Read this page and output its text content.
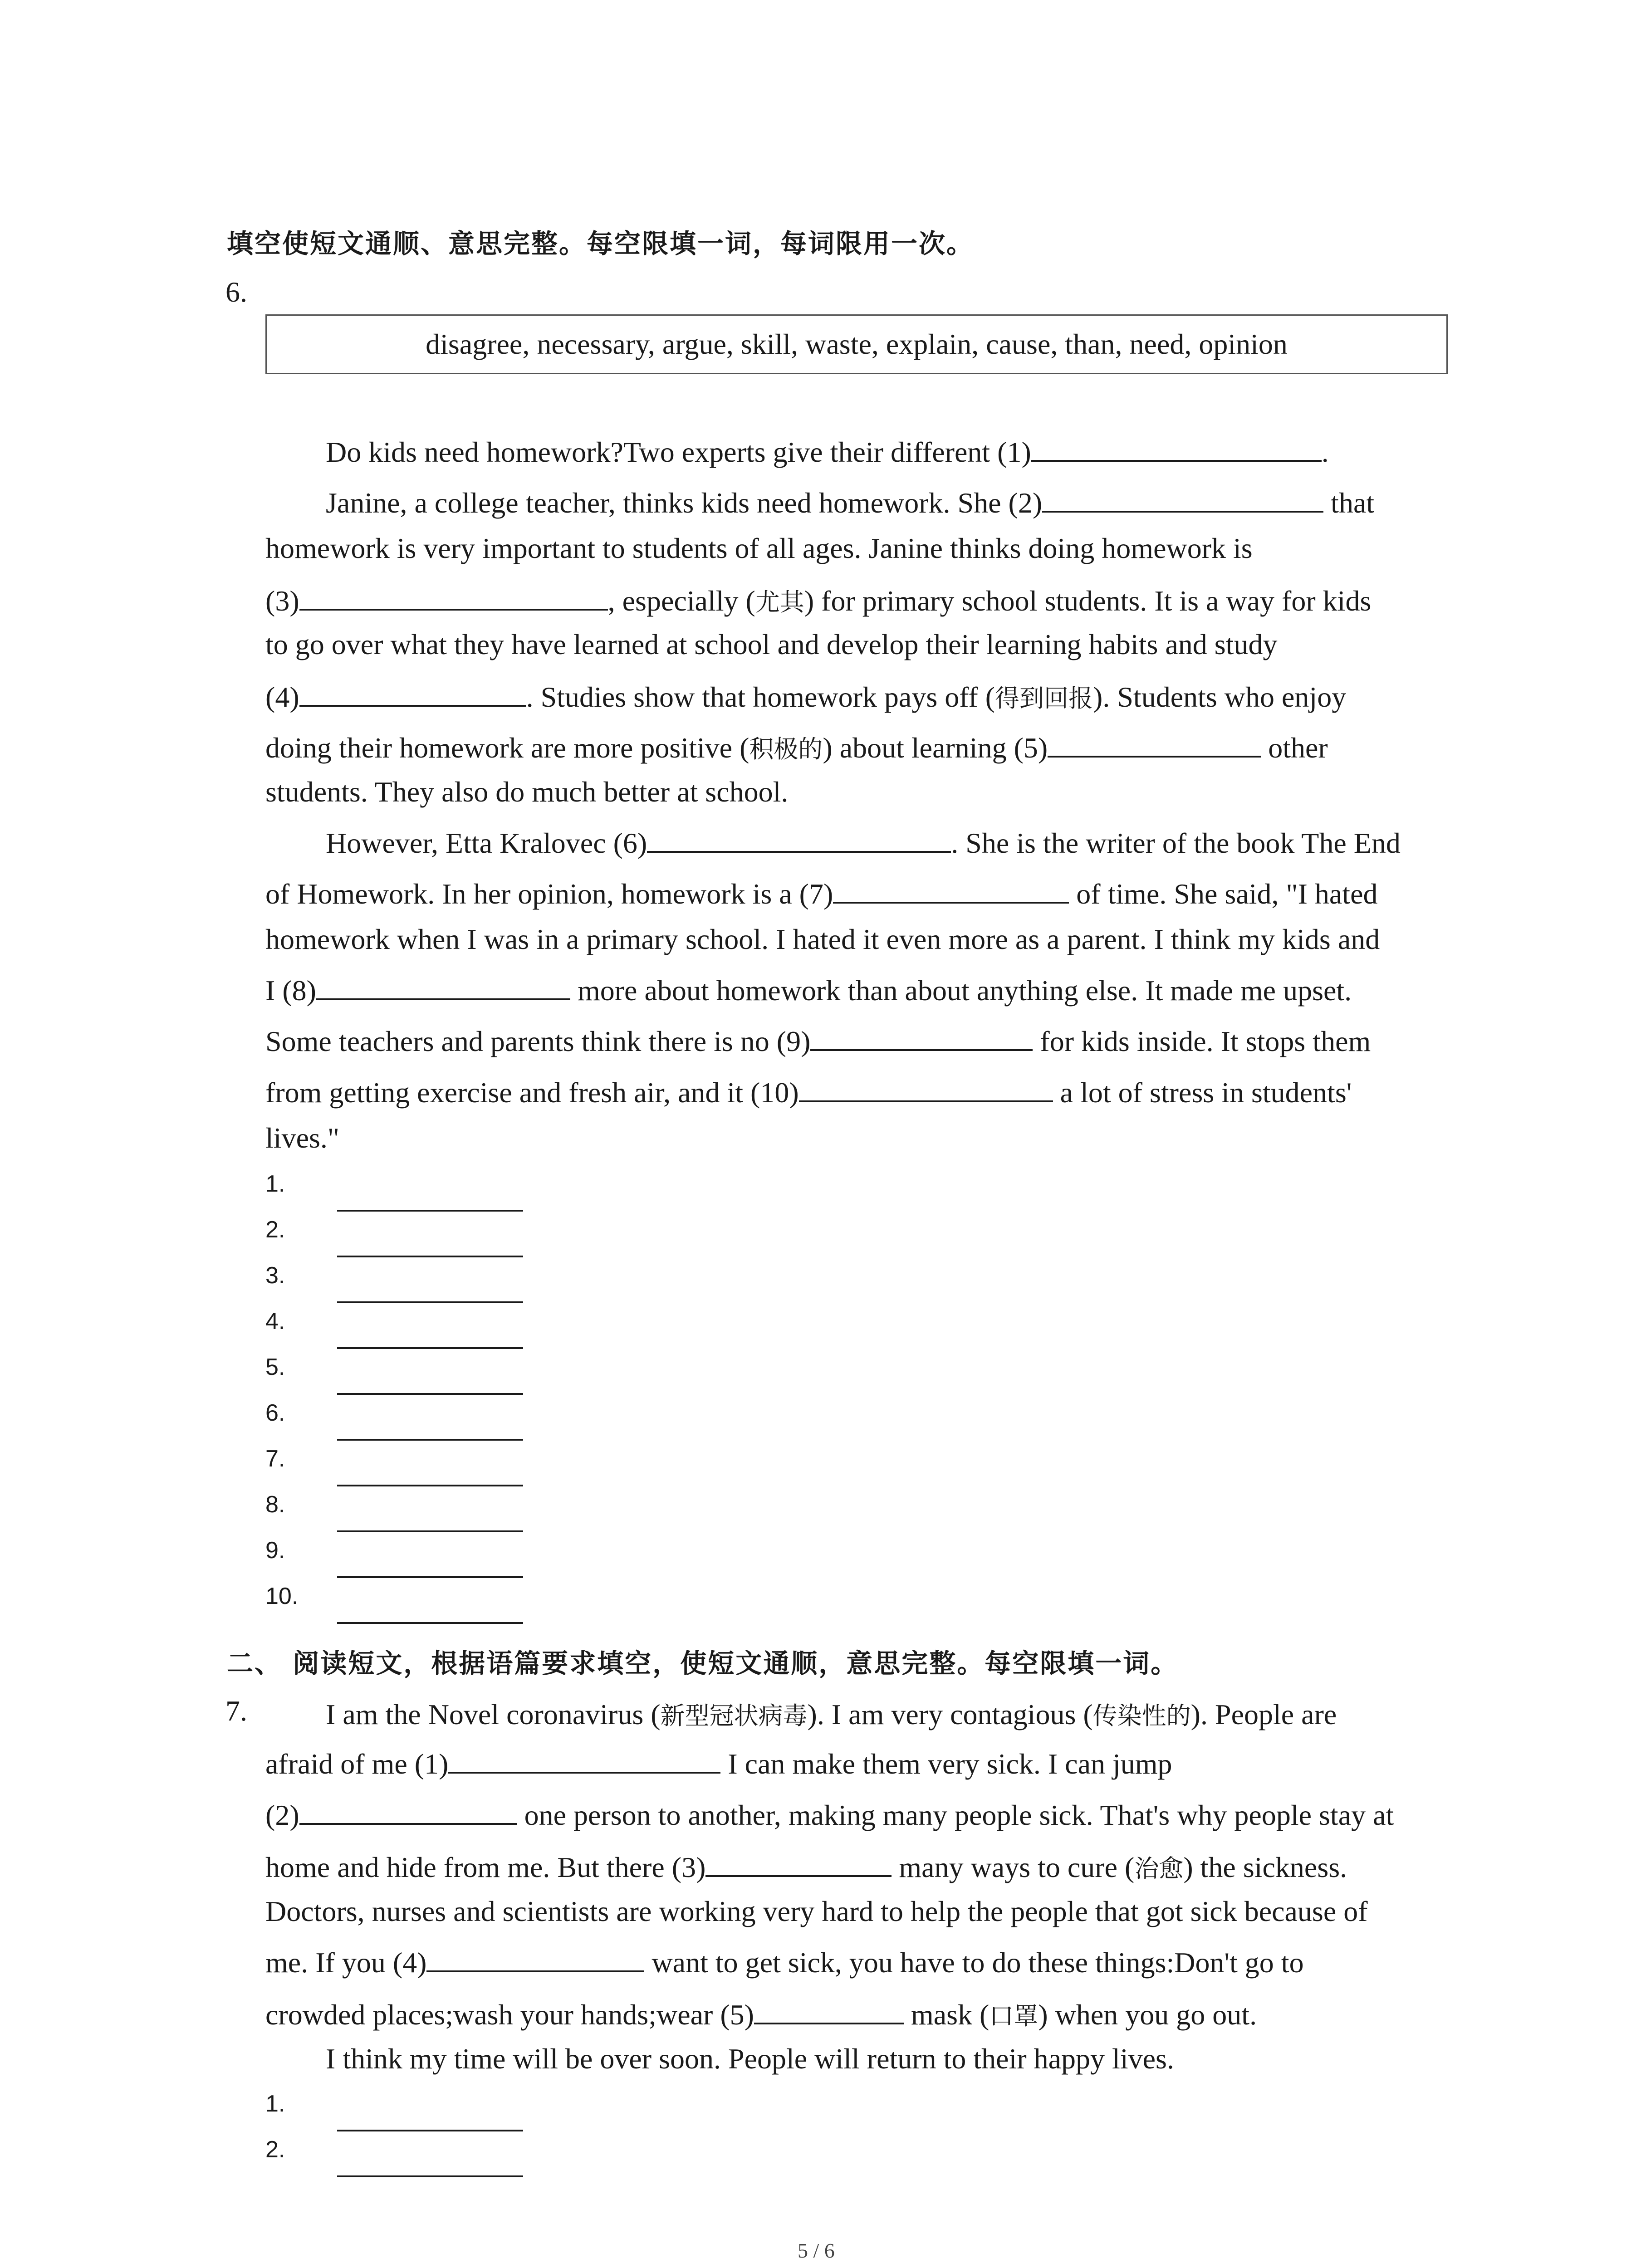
填空使短文通顺、意思完整。每空限填一词，每词限用一次。
6.
disagree, necessary, argue, skill, waste, explain, cause, than, need, opinion
Do kids need homework?Two experts give their different (1)	.
Janine, a college teacher, thinks kids need homework. She (2)	that
homework is very important to students of all ages. Janine thinks doing homework is
(3)	, especially (尤其) for primary school students. It is a way for kids
to go over what they have learned at school and develop their learning habits and study
(4)	. Studies show that homework pays off (得到回报). Students who enjoy
doing their homework are more positive (积极的) about learning (5)	other
students. They also do much better at school.
However, Etta Kralovec (6)	. She is the writer of the book The End
of Homework. In her opinion, homework is a (7)	of time. She said, "I hated
homework when I was in a primary school. I hated it even more as a parent. I think my kids and
I (8)	more about homework than about anything else. It made me upset.
Some teachers and parents think there is no (9)	for kids inside. It stops them
from getting exercise and fresh air, and it (10)	a lot of stress in students'
lives."
1.
2.
3.
4.
5.
6.
7.
8.
9.
10.
二、 阅读短文，根据语篇要求填空，使短文通顺，意思完整。每空限填一词。
7.	I am the Novel coronavirus (新型冠状病毒). I am very contagious (传染性的). People are
afraid of me (1)	I can make them very sick. I can jump
(2)	one person to another, making many people sick. That's why people stay at
home and hide from me. But there (3)	many ways to cure (治愈) the sickness.
Doctors, nurses and scientists are working very hard to help the people that got sick because of
me. If you (4)	want to get sick, you have to do these things:Don't go to
crowded places;wash your hands;wear (5)	mask (口罩) when you go out.
I think my time will be over soon. People will return to their happy lives.
1.
2.
5 / 6
